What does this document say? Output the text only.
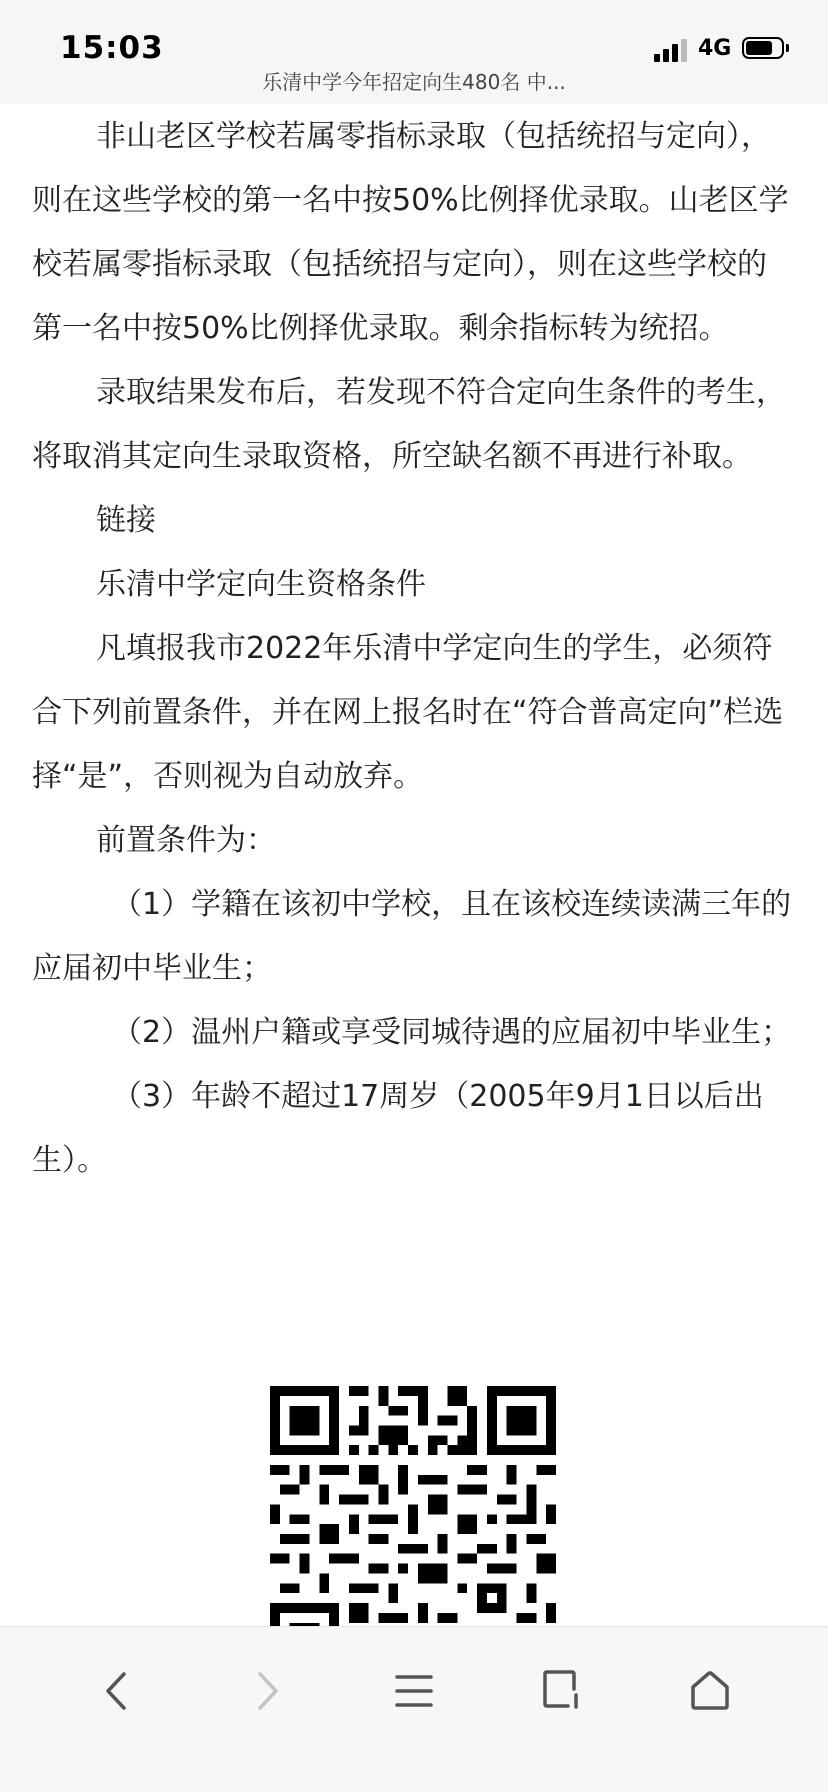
15:03	4G
乐清中学今年招定向生480名 中...

非山老区学校若属零指标录取（包括统招与定向），则在这些学校的第一名中按50%比例择优录取。山老区学校若属零指标录取（包括统招与定向），则在这些学校的第一名中按50%比例择优录取。剩余指标转为统招。

录取结果发布后，若发现不符合定向生条件的考生，将取消其定向生录取资格，所空缺名额不再进行补取。

链接

乐清中学定向生资格条件

凡填报我市2022年乐清中学定向生的学生，必须符合下列前置条件，并在网上报名时在“符合普高定向”栏选择“是”，否则视为自动放弃。

前置条件为：

（1）学籍在该初中学校，且在该校连续读满三年的应届初中毕业生；

（2）温州户籍或享受同城待遇的应届初中毕业生；

（3）年龄不超过17周岁（2005年9月1日以后出生）。
